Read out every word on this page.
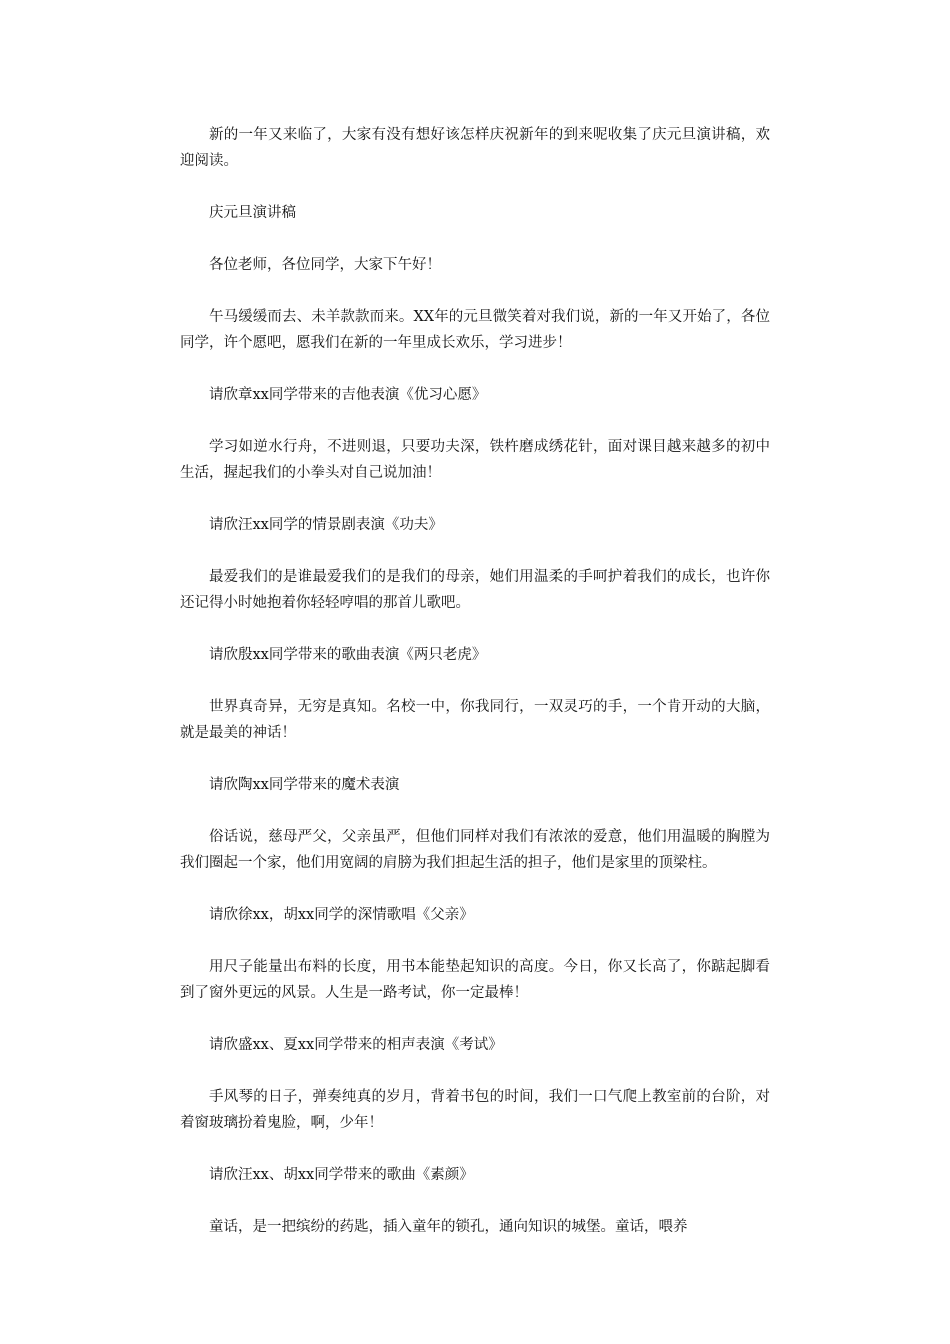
新的一年又来临了，大家有没有想好该怎样庆祝新年的到来呢收集了庆元旦演讲稿，欢迎阅读。

庆元旦演讲稿

各位老师，各位同学，大家下午好！

午马缓缓而去、未羊款款而来。XX年的元旦微笑着对我们说，新的一年又开始了，各位同学，许个愿吧，愿我们在新的一年里成长欢乐，学习进步！

请欣章xx同学带来的吉他表演《优习心愿》

学习如逆水行舟，不进则退，只要功夫深，铁杵磨成绣花针，面对课目越来越多的初中生活，握起我们的小拳头对自己说加油！

请欣汪xx同学的情景剧表演《功夫》

最爱我们的是谁最爱我们的是我们的母亲，她们用温柔的手呵护着我们的成长，也许你还记得小时她抱着你轻轻哼唱的那首儿歌吧。

请欣殷xx同学带来的歌曲表演《两只老虎》

世界真奇异，无穷是真知。名校一中，你我同行，一双灵巧的手，一个肯开动的大脑，就是最美的神话！

请欣陶xx同学带来的魔术表演

俗话说，慈母严父，父亲虽严，但他们同样对我们有浓浓的爱意，他们用温暖的胸膛为我们圈起一个家，他们用宽阔的肩膀为我们担起生活的担子，他们是家里的顶梁柱。

请欣徐xx，胡xx同学的深情歌唱《父亲》

用尺子能量出布料的长度，用书本能垫起知识的高度。今日，你又长高了，你踮起脚看到了窗外更远的风景。人生是一路考试，你一定最棒！

请欣盛xx、夏xx同学带来的相声表演《考试》

手风琴的日子，弹奏纯真的岁月，背着书包的时间，我们一口气爬上教室前的台阶，对着窗玻璃扮着鬼脸，啊，少年！

请欣汪xx、胡xx同学带来的歌曲《素颜》

童话，是一把缤纷的药匙，插入童年的锁孔，通向知识的城堡。童话，喂养
